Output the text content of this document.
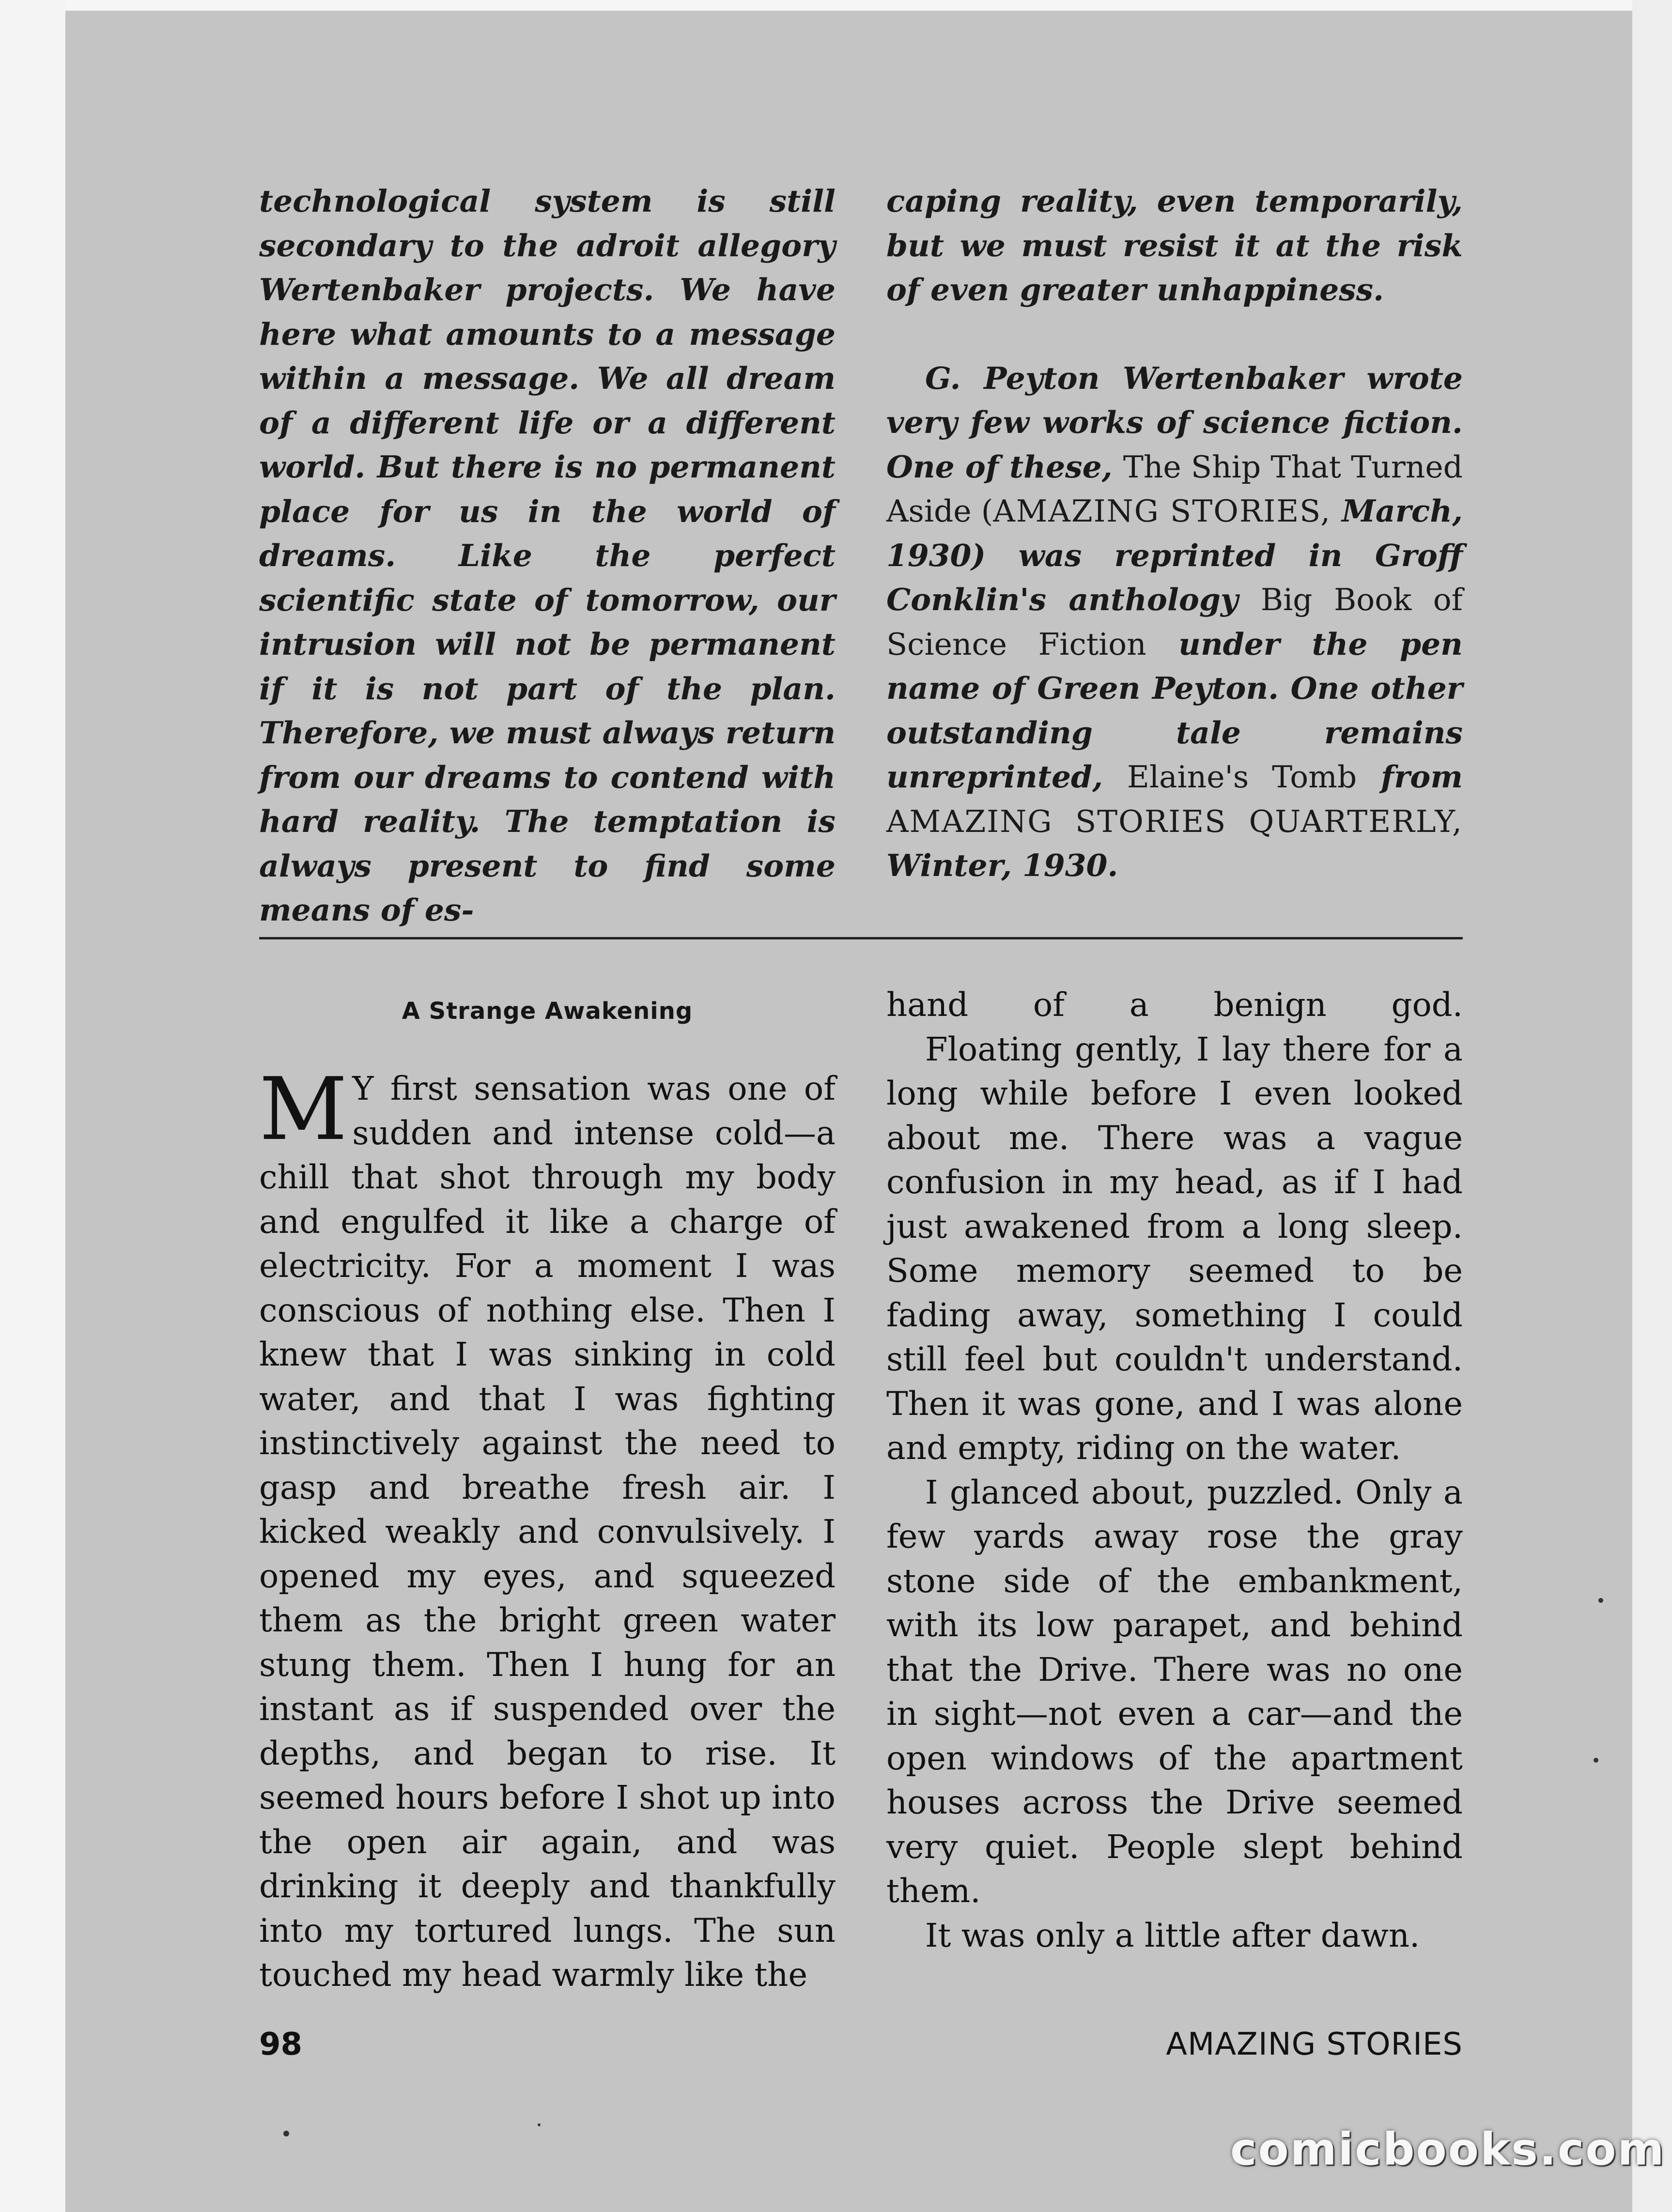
technological system is still secondary to the adroit allegory Wertenbaker projects. We have here what amounts to a message within a message. We all dream of a different life or a different world. But there is no permanent place for us in the world of dreams. Like the perfect scientific state of tomorrow, our intrusion will not be permanent if it is not part of the plan. Therefore, we must always return from our dreams to contend with hard reality. The temptation is always present to find some means of es-

caping reality, even temporarily, but we must resist it at the risk of even greater unhappiness.

G. Peyton Wertenbaker wrote very few works of science fiction. One of these, The Ship That Turned Aside (AMAZING STORIES, March, 1930) was reprinted in Groff Conklin's anthology Big Book of Science Fiction under the pen name of Green Peyton. One other outstanding tale remains unreprinted, Elaine's Tomb from AMAZING STORIES QUARTERLY, Winter, 1930.

A Strange Awakening

M Y first sensation was one of sudden and intense cold—a chill that shot through my body and engulfed it like a charge of electricity. For a moment I was conscious of nothing else. Then I knew that I was sinking in cold water, and that I was fighting instinctively against the need to gasp and breathe fresh air. I kicked weakly and convulsively. I opened my eyes, and squeezed them as the bright green water stung them. Then I hung for an instant as if suspended over the depths, and began to rise. It seemed hours before I shot up into the open air again, and was drinking it deeply and thankfully into my tortured lungs. The sun touched my head warmly like the

hand of a benign god.

Floating gently, I lay there for a long while before I even looked about me. There was a vague confusion in my head, as if I had just awakened from a long sleep. Some memory seemed to be fading away, something I could still feel but couldn't understand. Then it was gone, and I was alone and empty, riding on the water.

I glanced about, puzzled. Only a few yards away rose the gray stone side of the embankment, with its low parapet, and behind that the Drive. There was no one in sight—not even a car—and the open windows of the apartment houses across the Drive seemed very quiet. People slept behind them.

It was only a little after dawn.

98	AMAZING STORIES
comicbooks.com
